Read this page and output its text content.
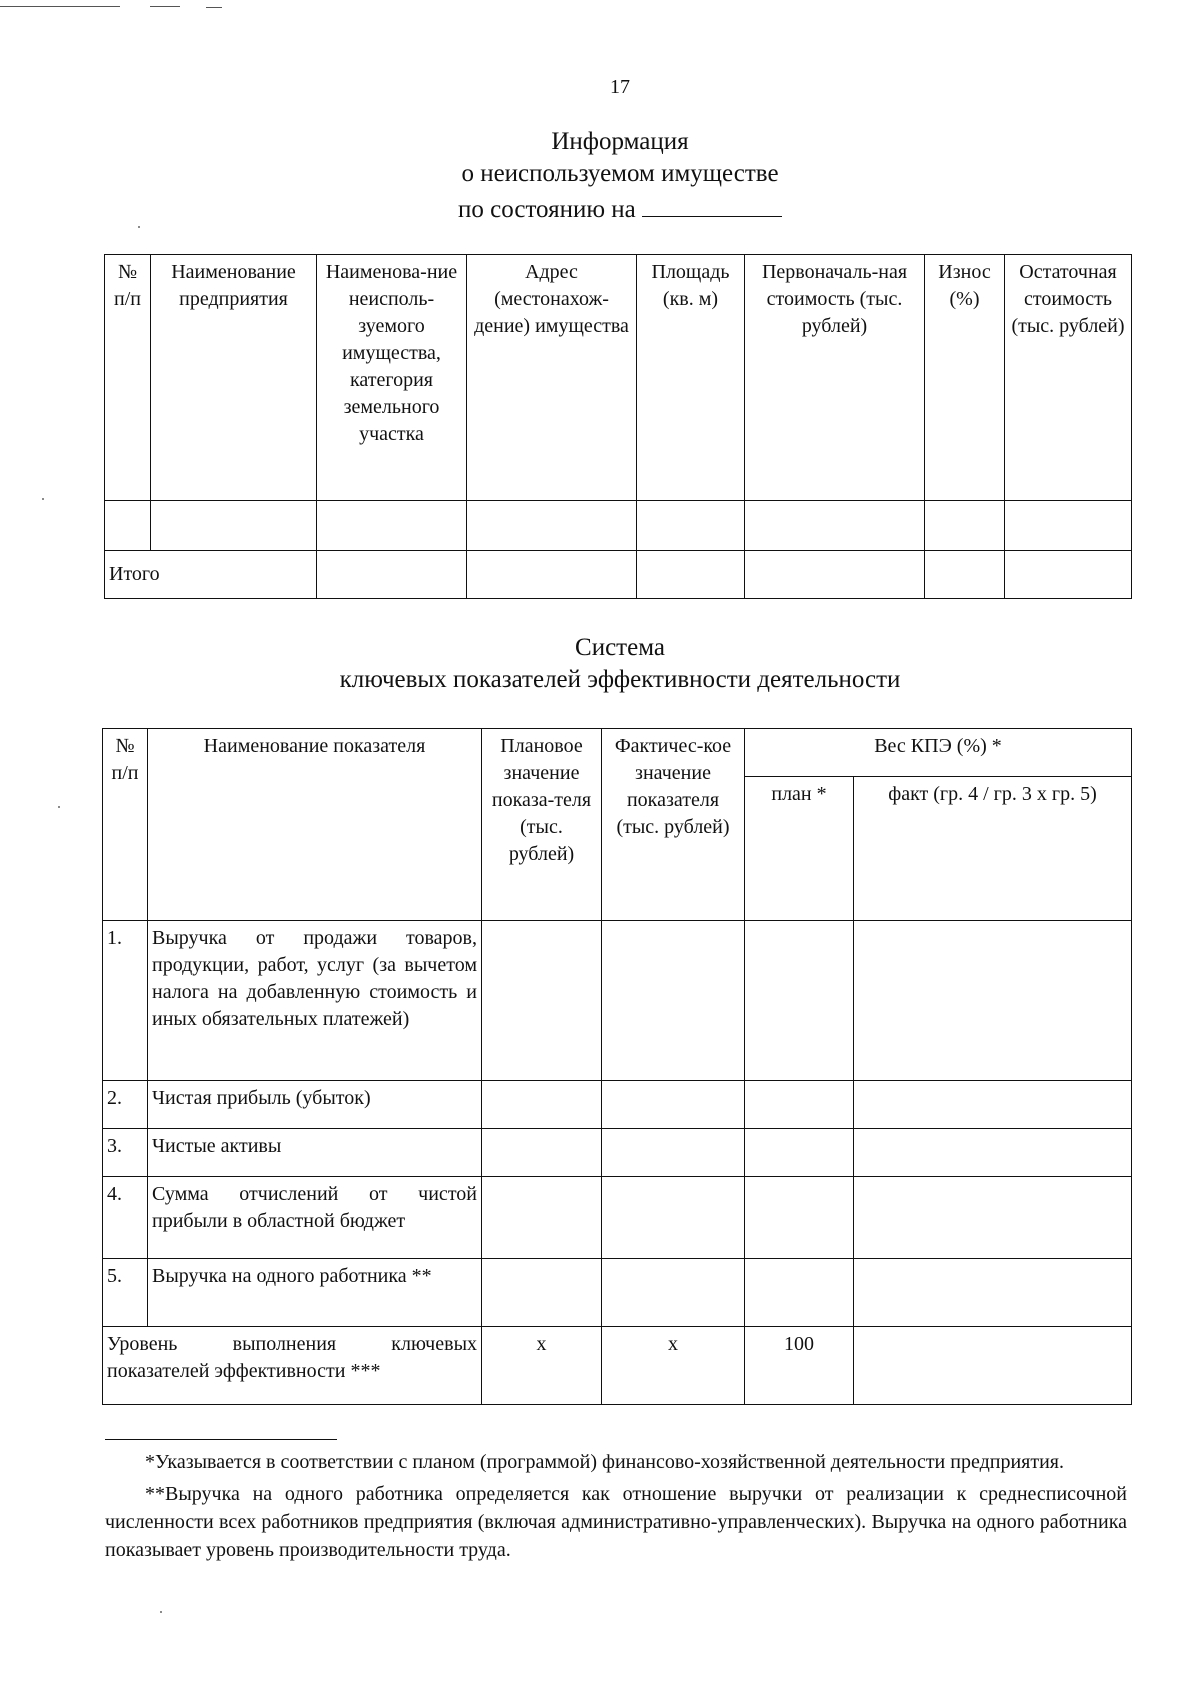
17
Информация
о неиспользуемом имуществе
по состоянию на
№ п/п	Наименование предприятия	Наименова-ние неисполь-зуемого имущества, категория земельного участка	Адрес (местонахож-дение) имущества	Площадь (кв. м)	Первоначаль-ная стоимость (тыс. рублей)	Износ (%)	Остаточная стоимость (тыс. рублей)

Итого							
Система
ключевых показателей эффективности деятельности
№ п/п	Наименование показателя	Плановое значение показа-теля (тыс. рублей)	Фактичес-кое значение показателя (тыс. рублей)	Вес КПЭ (%) *	
				план *	факт (гр. 4 / гр. 3 х гр. 5)
1.	Выручка от продажи товаров, продукции, работ, услуг (за вычетом налога на добавленную стоимость и иных обязательных платежей)				
2.	Чистая прибыль (убыток)				
3.	Чистые активы				
4.	Сумма отчислений от чистой прибыли в областной бюджет				
5.	Выручка на одного работника **				
Уровень выполнения ключевых показателей эффективности ***		x	x	100	

*Указывается в соответствии с планом (программой) финансово-хозяйственной деятельности предприятия.

**Выручка на одного работника определяется как отношение выручки от реализации к среднесписочной численности всех работников предприятия (включая административно-управленческих). Выручка на одного работника показывает уровень производительности труда.
